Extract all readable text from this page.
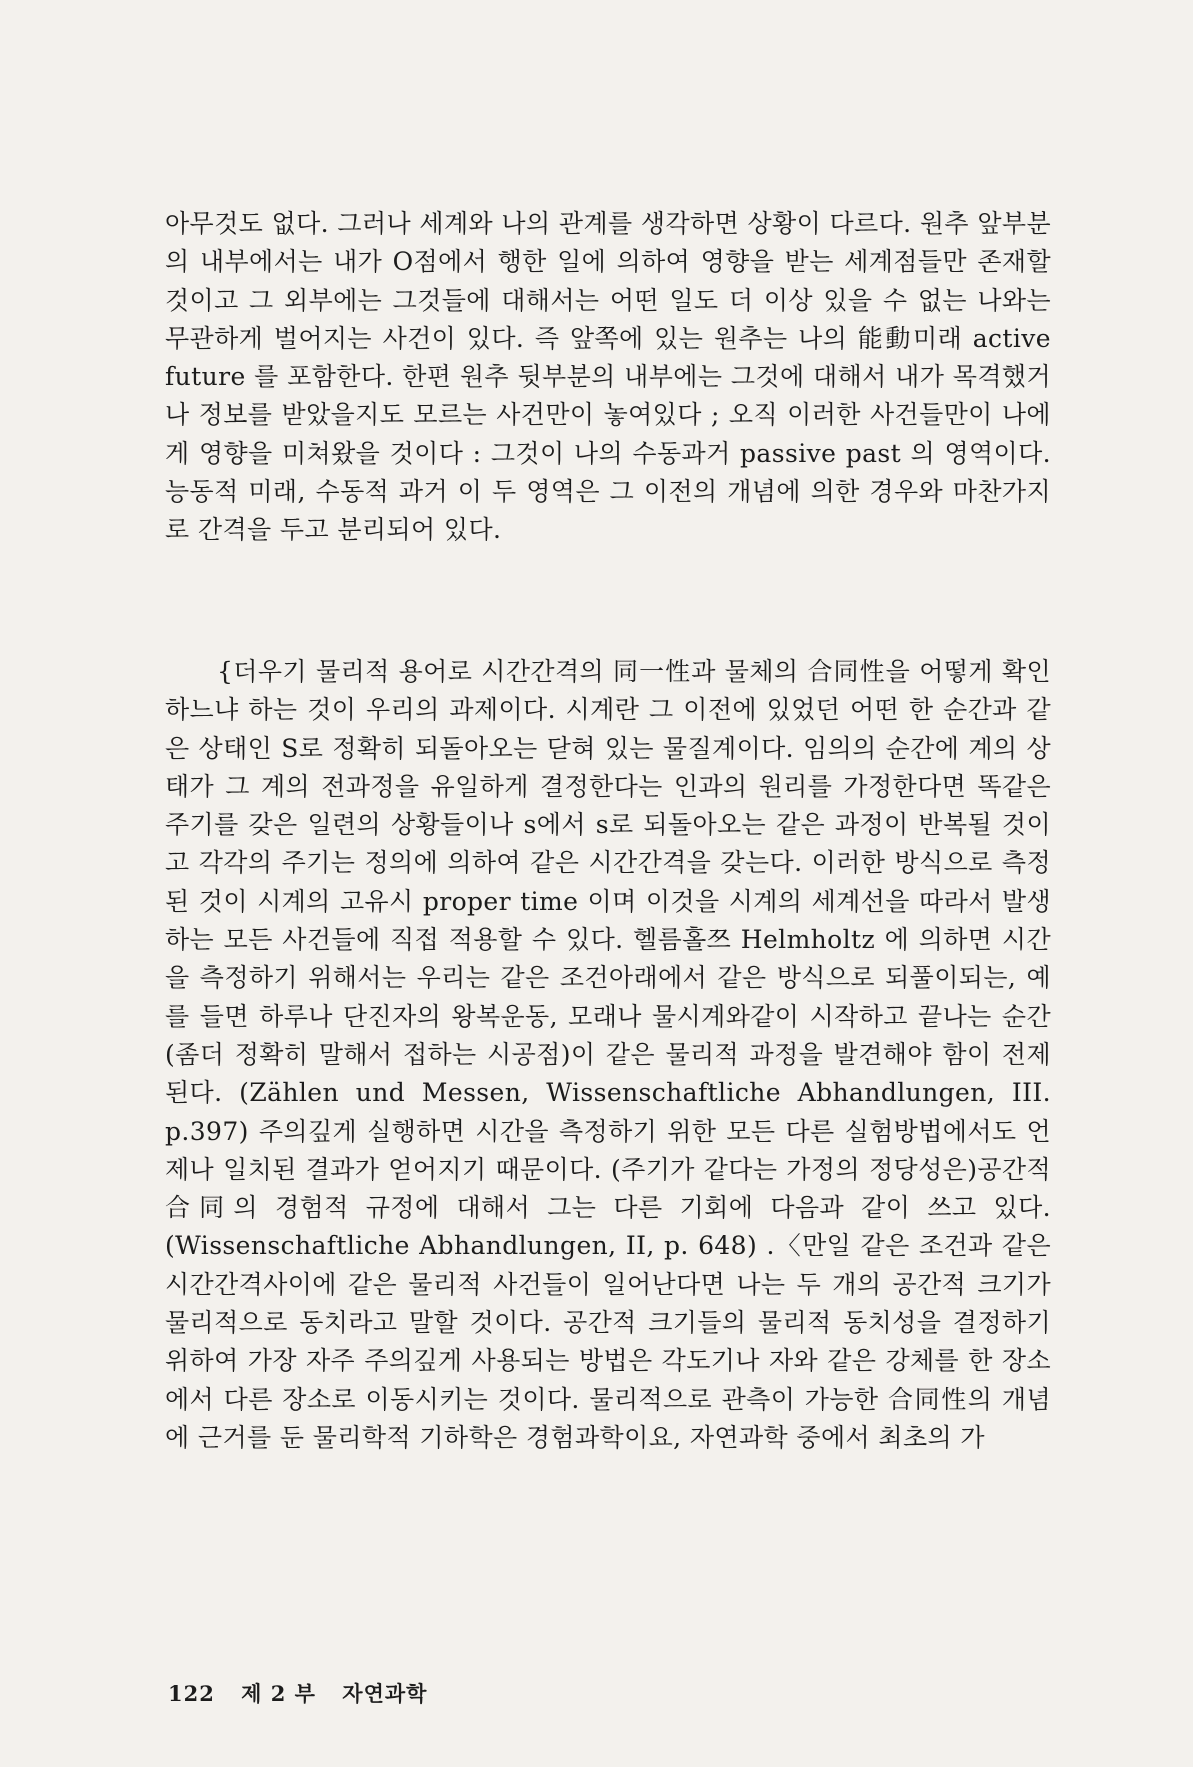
아무것도 없다. 그러나 세계와 나의 관계를 생각하면 상황이 다르다. 원추 앞부분의 내부에서는 내가 O점에서 행한 일에 의하여 영향을 받는 세계점들만 존재할 것이고 그 외부에는 그것들에 대해서는 어떤 일도 더 이상 있을 수 없는 나와는 무관하게 벌어지는 사건이 있다. 즉 앞쪽에 있는 원추는 나의 能動미래 active future 를 포함한다. 한편 원추 뒷부분의 내부에는 그것에 대해서 내가 목격했거나 정보를 받았을지도 모르는 사건만이 놓여있다 ; 오직 이러한 사건들만이 나에게 영향을 미쳐왔을 것이다 : 그것이 나의 수동과거 passive past 의 영역이다. 능동적 미래, 수동적 과거 이 두 영역은 그 이전의 개념에 의한 경우와 마찬가지로 간격을 두고 분리되어 있다.

{더우기 물리적 용어로 시간간격의 同一性과 물체의 合同性을 어떻게 확인하느냐 하는 것이 우리의 과제이다. 시계란 그 이전에 있었던 어떤 한 순간과 같은 상태인 S로 정확히 되돌아오는 닫혀 있는 물질계이다. 임의의 순간에 계의 상태가 그 계의 전과정을 유일하게 결정한다는 인과의 원리를 가정한다면 똑같은 주기를 갖은 일련의 상황들이나 s에서 s로 되돌아오는 같은 과정이 반복될 것이고 각각의 주기는 정의에 의하여 같은 시간간격을 갖는다. 이러한 방식으로 측정된 것이 시계의 고유시 proper time 이며 이것을 시계의 세계선을 따라서 발생하는 모든 사건들에 직접 적용할 수 있다. 헬름홀쯔 Helmholtz 에 의하면 시간을 측정하기 위해서는 우리는 같은 조건아래에서 같은 방식으로 되풀이되는, 예를 들면 하루나 단진자의 왕복운동, 모래나 물시계와같이 시작하고 끝나는 순간(좀더 정확히 말해서 접하는 시공점)이 같은 물리적 과정을 발견해야 함이 전제된다. (Zählen und Messen, Wissenschaftliche Abhandlungen, III. p.397) 주의깊게 실행하면 시간을 측정하기 위한 모든 다른 실험방법에서도 언제나 일치된 결과가 얻어지기 때문이다. (주기가 같다는 가정의 정당성은)공간적 合同의 경험적 규정에 대해서 그는 다른 기회에 다음과 같이 쓰고 있다. (Wissenschaftliche Abhandlungen, II, p. 648) .〈만일 같은 조건과 같은 시간간격사이에 같은 물리적 사건들이 일어난다면 나는 두 개의 공간적 크기가 물리적으로 동치라고 말할 것이다. 공간적 크기들의 물리적 동치성을 결정하기 위하여 가장 자주 주의깊게 사용되는 방법은 각도기나 자와 같은 강체를 한 장소에서 다른 장소로 이동시키는 것이다. 물리적으로 관측이 가능한 合同性의 개념에 근거를 둔 물리학적 기하학은 경험과학이요, 자연과학 중에서 최초의 가

122 제 2 부 자연과학
